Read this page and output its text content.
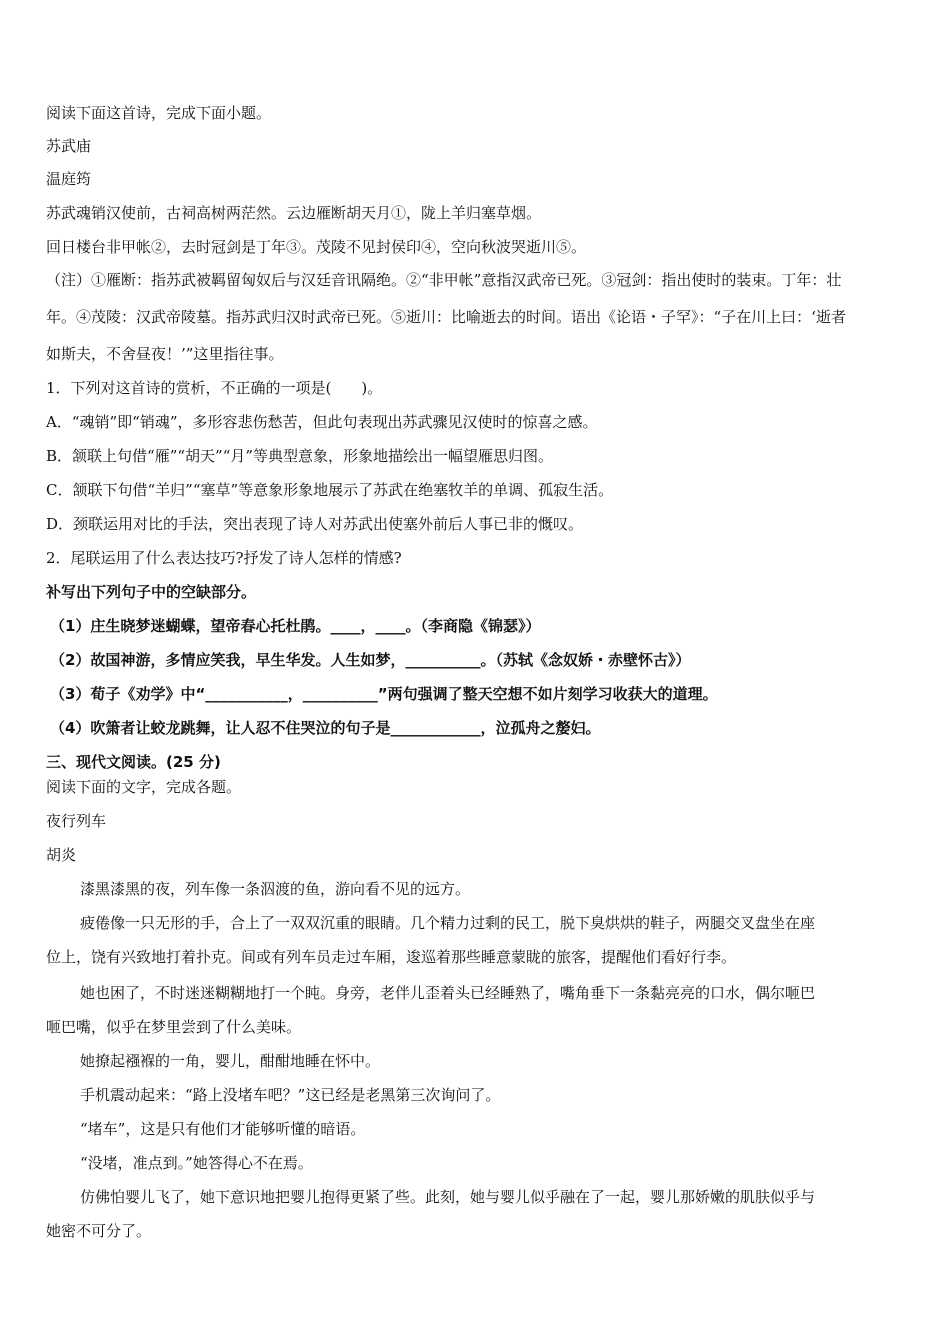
阅读下面这首诗，完成下面小题。
苏武庙
温庭筠
苏武魂销汉使前，古祠高树两茫然。云边雁断胡天月①，陇上羊归塞草烟。
回日楼台非甲帐②，去时冠剑是丁年③。茂陵不见封侯印④，空向秋波哭逝川⑤。
（注）①雁断：指苏武被羁留匈奴后与汉廷音讯隔绝。②“非甲帐”意指汉武帝已死。③冠剑：指出使时的装束。丁年：壮
年。④茂陵：汉武帝陵墓。指苏武归汉时武帝已死。⑤逝川：比喻逝去的时间。语出《论语・子罕》：“子在川上曰：‘逝者
如斯夫，不舍昼夜！’”这里指往事。
1．下列对这首诗的赏析，不正确的一项是(　　)。
A．“魂销”即“销魂”，多形容悲伤愁苦，但此句表现出苏武骤见汉使时的惊喜之感。
B．颔联上句借“雁”“胡天”“月”等典型意象，形象地描绘出一幅望雁思归图。
C．颔联下句借“羊归”“塞草”等意象形象地展示了苏武在绝塞牧羊的单调、孤寂生活。
D．颈联运用对比的手法，突出表现了诗人对苏武出使塞外前后人事已非的慨叹。
2．尾联运用了什么表达技巧?抒发了诗人怎样的情感?
补写出下列句子中的空缺部分。
（1）庄生晓梦迷蝴蝶，望帝春心托杜鹃。____，____。（李商隐《锦瑟》）
（2）故国神游，多情应笑我，早生华发。人生如梦，__________。（苏轼《念奴娇・赤壁怀古》）
（3）荀子《劝学》中“___________，__________”两句强调了整天空想不如片刻学习收获大的道理。
（4）吹箫者让蛟龙跳舞，让人忍不住哭泣的句子是____________，泣孤舟之嫠妇。
三、现代文阅读。(25 分)
阅读下面的文字，完成各题。
夜行列车
胡炎
漆黑漆黑的夜，列车像一条泅渡的鱼，游向看不见的远方。
疲倦像一只无形的手，合上了一双双沉重的眼睛。几个精力过剩的民工，脱下臭烘烘的鞋子，两腿交叉盘坐在座
位上，饶有兴致地打着扑克。间或有列车员走过车厢，逡巡着那些睡意蒙眬的旅客，提醒他们看好行李。
她也困了，不时迷迷糊糊地打一个盹。身旁，老伴儿歪着头已经睡熟了，嘴角垂下一条黏亮亮的口水，偶尔咂巴
咂巴嘴，似乎在梦里尝到了什么美味。
她撩起襁褓的一角，婴儿，酣酣地睡在怀中。
手机震动起来：“路上没堵车吧？”这已经是老黑第三次询问了。
“堵车”，这是只有他们才能够听懂的暗语。
“没堵，准点到。”她答得心不在焉。
仿佛怕婴儿飞了，她下意识地把婴儿抱得更紧了些。此刻，她与婴儿似乎融在了一起，婴儿那娇嫩的肌肤似乎与
她密不可分了。
